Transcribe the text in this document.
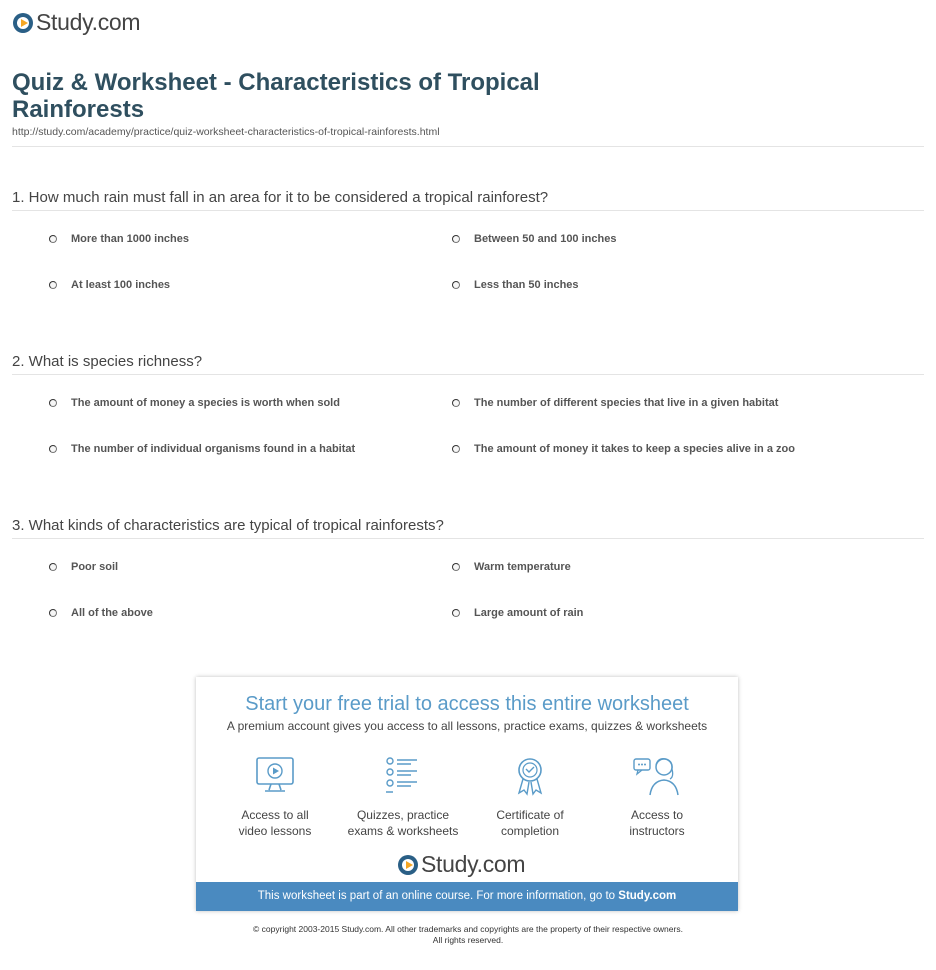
Study.com
Quiz & Worksheet - Characteristics of Tropical Rainforests
http://study.com/academy/practice/quiz-worksheet-characteristics-of-tropical-rainforests.html
1. How much rain must fall in an area for it to be considered a tropical rainforest?
More than 1000 inches	Between 50 and 100 inches
At least 100 inches	Less than 50 inches
2. What is species richness?
The amount of money a species is worth when sold	The number of different species that live in a given habitat
The number of individual organisms found in a habitat	The amount of money it takes to keep a species alive in a zoo
3. What kinds of characteristics are typical of tropical rainforests?
Poor soil	Warm temperature
All of the above	Large amount of rain
Start your free trial to access this entire worksheet
A premium account gives you access to all lessons, practice exams, quizzes & worksheets
Access to all
video lessons
Quizzes, practice
exams & worksheets
Certificate of
completion
Access to
instructors
Study.com
This worksheet is part of an online course. For more information, go to Study.com
© copyright 2003-2015 Study.com. All other trademarks and copyrights are the property of their respective owners.
All rights reserved.
